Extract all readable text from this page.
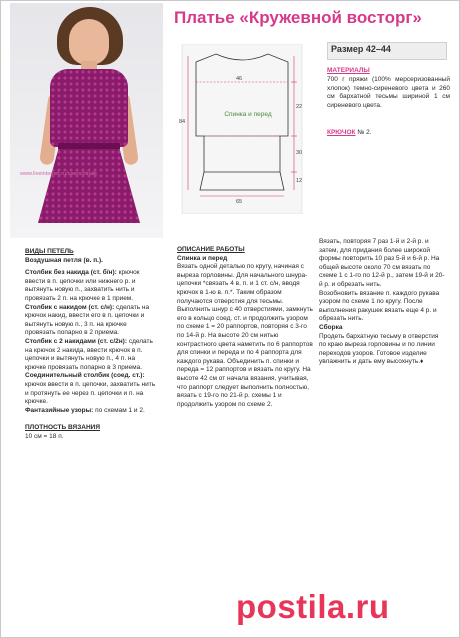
www.liveinternet.ru/users/ninaik
Платье «Кружевной восторг»
Спинка и перед
46
65
84
22
30
12
Размер 42–44
МАТЕРИАЛЫ
700 г пряжи (100% мерсеризованный хлопок) темно-сиреневого цвета и 260 см бархатной тесьмы шириной 1 см сиреневого цвета.
КРЮЧОК № 2.

ВИДЫ ПЕТЕЛЬ

Воздушная петля (в. п.).

Столбик без накида (ст. б/н): крючок ввести в п. цепочки или нижнего р. и вытянуть новую п., захватить нить и провязать 2 п. на крючке в 1 прием.

Столбик с накидом (ст. с/н): сделать на крючок накид, ввести его в п. цепочки и вытянуть новую п., 3 п. на крючке провязать попарно в 2 приема.

Столбик с 2 накидами (ст. с/2н): сделать на крючок 2 накида, ввести крючок в п. цепочки и вытянуть новую п., 4 п. на крючке провязать попарно в 3 приема.

Соединительный столбик (соед. ст.): крючок ввести в п. цепочки, захватить нить и протянуть ее через п. цепочки и п. на крючке.

Фантазийные узоры: по схемам 1 и 2.

ПЛОТНОСТЬ ВЯЗАНИЯ

10 см = 18 п.

ОПИСАНИЕ РАБОТЫ

Спинка и перед

Вязать одной деталью по кругу, начиная с выреза горловины. Для начального шнура-цепочки *связать 4 в. п. и 1 ст. с/н, вводя крючок в 1-ю в. п.*. Таким образом получаются отверстия для тесьмы. Выполнить шнур с 40 отверстиями, замкнуть его в кольцо соед. ст. и продолжить узором по схеме 1 = 20 раппортов, повторяя с 3-го по 14-й р. На высоте 20 см нитью контрастного цвета наметить по 6 раппортов для спинки и переда и по 4 раппорта для каждого рукава. Объединить п. спинки и переда = 12 раппортов и вязать по кругу. На высоте 42 см от начала вязания, учитывая, что раппорт следует выполнить полностью, вязать с 19-го по 21-й р. схемы 1 и продолжить узором по схеме 2.

Вязать, повторяя 7 раз 1-й и 2-й р. и затем, для придания более широкой формы повторить 10 раз 5-й и 6-й р. На общей высоте около 70 см вязать по схеме 1 с 1-го по 12-й р., затем 19-й и 20-й р. и обрезать нить.

Возобновить вязание п. каждого рукава узором по схеме 1 по кругу. После выполнения ракушек вязать еще 4 р. и обрезать нить.

Сборка

Продеть бархатную тесьму в отверстия по краю выреза горловины и по линии переходов узоров. Готовое изделие увлажнить и дать ему высохнуть.♦

postila.ru
